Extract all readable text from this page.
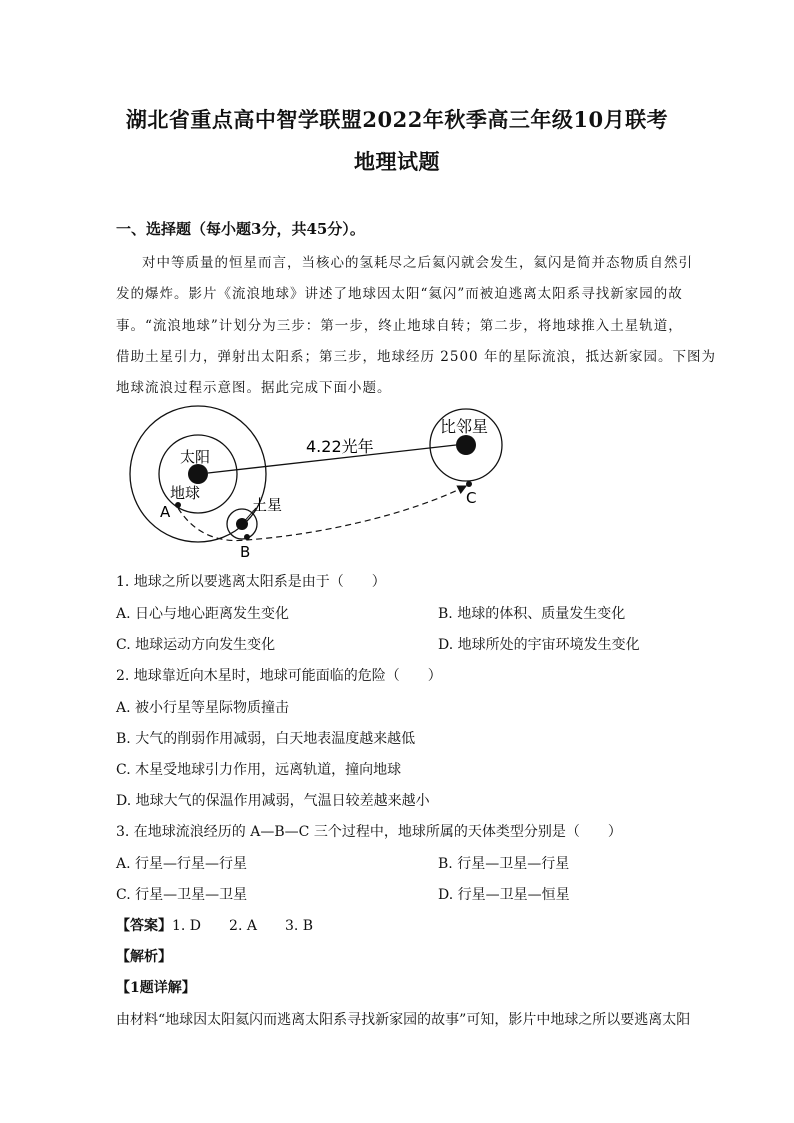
湖北省重点高中智学联盟2022年秋季高三年级10月联考
地理试题
一、选择题（每小题3分，共45分）。
对中等质量的恒星而言，当核心的氢耗尽之后氦闪就会发生，氦闪是简并态物质自然引
发的爆炸。影片《流浪地球》讲述了地球因太阳“氦闪”而被迫逃离太阳系寻找新家园的故
事。“流浪地球”计划分为三步：第一步，终止地球自转；第二步，将地球推入土星轨道，
借助土星引力，弹射出太阳系；第三步，地球经历 2500 年的星际流浪，抵达新家园。下图为
地球流浪过程示意图。据此完成下面小题。
太阳
地球
土星
比邻星
4.22光年
A
B
C
1. 地球之所以要逃离太阳系是由于（　　）
A. 日心与地心距离发生变化	B. 地球的体积、质量发生变化
C. 地球运动方向发生变化	D. 地球所处的宇宙环境发生变化
2. 地球靠近向木星时，地球可能面临的危险（　　）
A. 被小行星等星际物质撞击
B. 大气的削弱作用减弱，白天地表温度越来越低
C. 木星受地球引力作用，远离轨道，撞向地球
D. 地球大气的保温作用减弱，气温日较差越来越小
3. 在地球流浪经历的 A—B—C 三个过程中，地球所属的天体类型分别是（　　）
A. 行星—行星—行星	B. 行星—卫星—行星
C. 行星—卫星—卫星	D. 行星—卫星—恒星
【答案】1. D　　2. A　　3. B
【解析】
【1题详解】
由材料“地球因太阳氦闪而逃离太阳系寻找新家园的故事”可知，影片中地球之所以要逃离太阳
